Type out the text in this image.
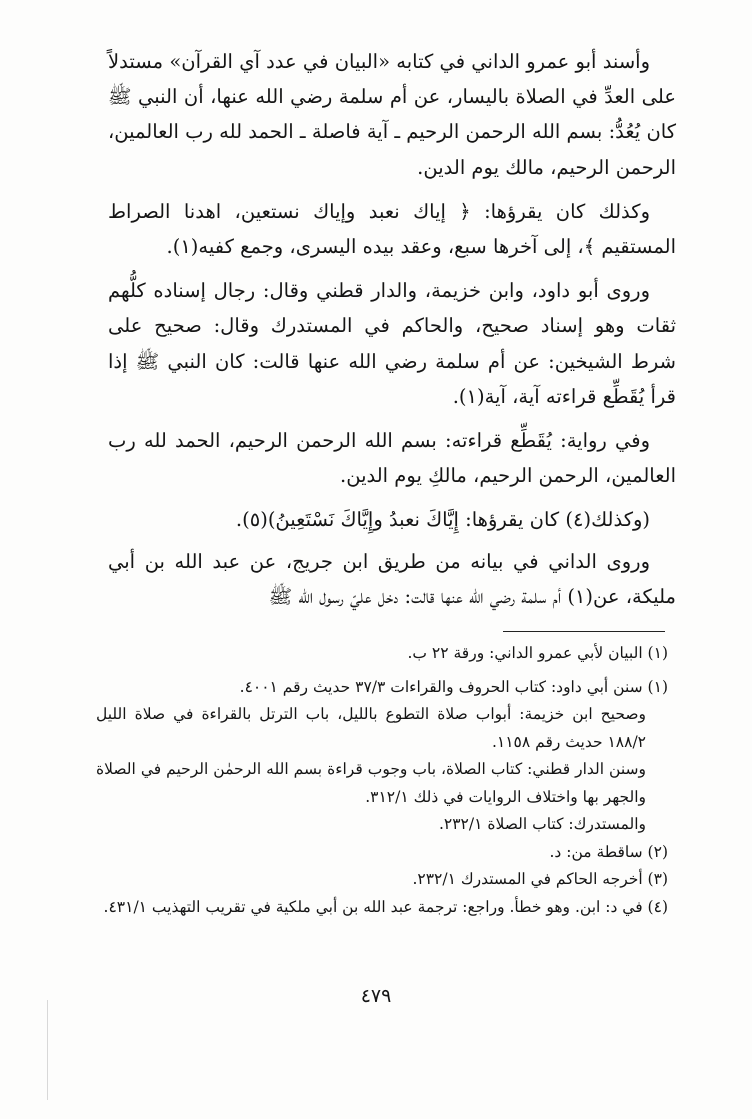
وأسند أبو عمرو الداني في كتابه «البيان في عدد آي القرآن» مستدلاً على العدِّ في الصلاة باليسار، عن أم سلمة رضي الله عنها، أن النبي ﷺ كان يُعُدُّ: بسم الله الرحمن الرحيم ـ آية فاصلة ـ الحمد لله رب العالمين، الرحمن الرحيم، مالك يوم الدين.

وكذلك كان يقرؤها: ﴿ إياك نعبد وإياك نستعين، اهدنا الصراط المستقيم ﴾، إلى آخرها سبع، وعقد بيده اليسرى، وجمع كفيه(١).

وروى أبو داود، وابن خزيمة، والدار قطني وقال: رجال إسناده كلُّهم ثقات وهو إسناد صحيح، والحاكم في المستدرك وقال: صحيح على شرط الشيخين: عن أم سلمة رضي الله عنها قالت: كان النبي ﷺ إذا قرأ يُقَطِّع قراءته آية، آية(١).

وفي رواية: يُقَطِّع قراءته: بسم الله الرحمن الرحيم، الحمد لله رب العالمين، الرحمن الرحيم، مالكِ يوم الدين.

(وكذلك(٤) كان يقرؤها: إِيَّاكَ نعبدُ وإِيَّاكَ نَسْتَعِينُ)(٥).

وروى الداني في بيانه من طريق ابن جريج، عن عبد الله بن أبي مليكة، عن(١) أم سلمة رضي الله عنها قالت: دخل عليّ رسول الله ﷺ

(١) البيان لأبي عمرو الداني: ورقة ٢٢ ب.

(١) سنن أبي داود: كتاب الحروف والقراءات ٣٧/٣ حديث رقم ٤٠٠١.

وصحيح ابن خزيمة: أبواب صلاة التطوع بالليل، باب الترتل بالقراءة في صلاة الليل ١٨٨/٢ حديث رقم ١١٥٨.

وسنن الدار قطني: كتاب الصلاة، باب وجوب قراءة بسم الله الرحمٰن الرحيم في الصلاة والجهر بها واختلاف الروايات في ذلك ٣١٢/١.

والمستدرك: كتاب الصلاة ٢٣٢/١.

(٢) ساقطة من: د.

(٣) أخرجه الحاكم في المستدرك ٢٣٢/١.

(٤) في د: ابن. وهو خطأ. وراجع: ترجمة عبد الله بن أبي ملكية في تقريب التهذيب ٤٣١/١.

٤٧٩
